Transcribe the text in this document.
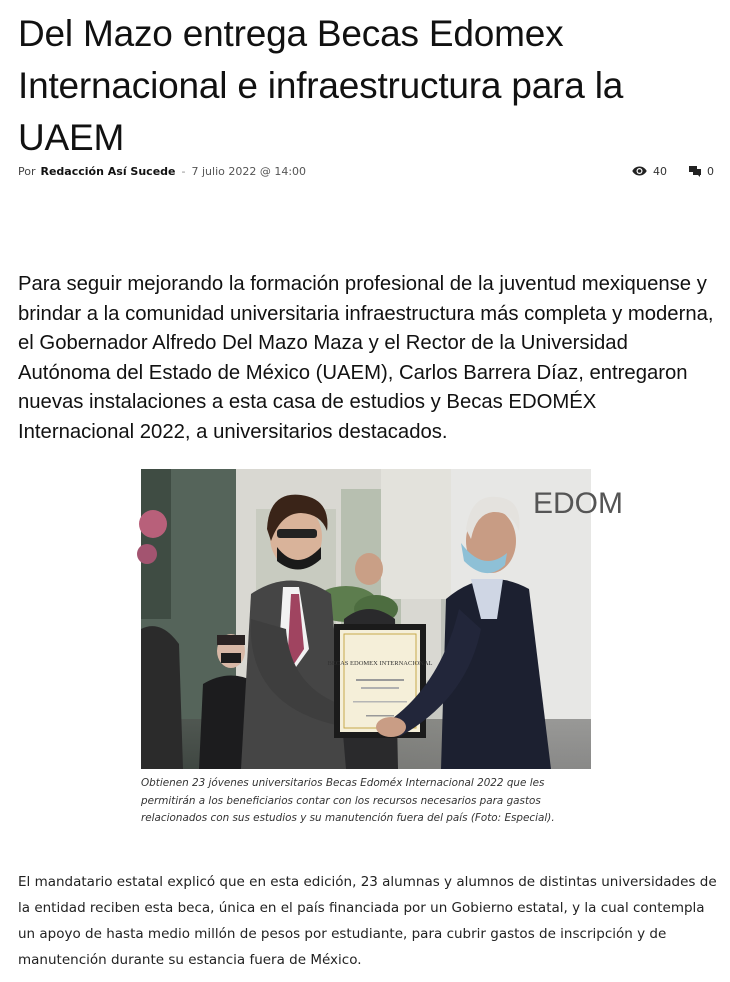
Del Mazo entrega Becas Edomex Internacional e infraestructura para la UAEM
Por Redacción Así Sucede - 7 julio 2022 @ 14:00	40	0

Para seguir mejorando la formación profesional de la juventud mexiquense y brindar a la comunidad universitaria infraestructura más completa y moderna, el Gobernador Alfredo Del Mazo Maza y el Rector de la Universidad Autónoma del Estado de México (UAEM), Carlos Barrera Díaz, entregaron nuevas instalaciones a esta casa de estudios y Becas EDOMÉX Internacional 2022, a universitarios destacados.

EDOM
BECAS EDOMEX INTERNACIONAL
Obtienen 23 jóvenes universitarios Becas Edoméx Internacional 2022 que les permitirán a los beneficiarios contar con los recursos necesarios para gastos relacionados con sus estudios y su manutención fuera del país (Foto: Especial).

El mandatario estatal explicó que en esta edición, 23 alumnas y alumnos de distintas universidades de la entidad reciben esta beca, única en el país financiada por un Gobierno estatal, y la cual contempla un apoyo de hasta medio millón de pesos por estudiante, para cubrir gastos de inscripción y de manutención durante su estancia fuera de México.
